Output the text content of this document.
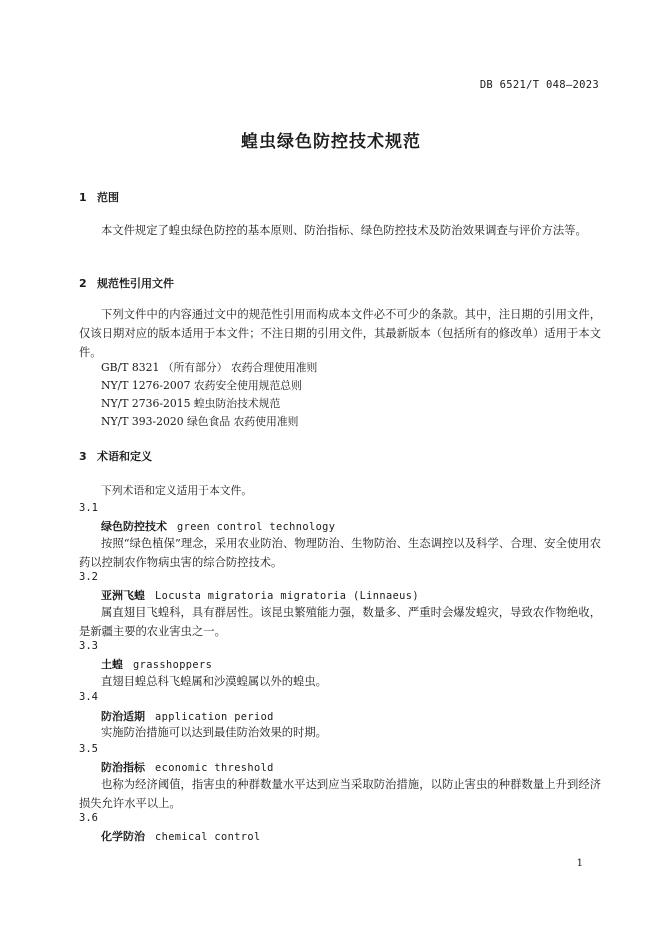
DB 6521/T 048—2023
蝗虫绿色防控技术规范
1 范围
本文件规定了蝗虫绿色防控的基本原则、防治指标、绿色防控技术及防治效果调查与评价方法等。
2 规范性引用文件
下列文件中的内容通过文中的规范性引用而构成本文件必不可少的条款。其中，注日期的引用文件，仅该日期对应的版本适用于本文件；不注日期的引用文件，其最新版本（包括所有的修改单）适用于本文件。
GB/T 8321 （所有部分） 农药合理使用准则
NY/T 1276-2007 农药安全使用规范总则
NY/T 2736-2015 蝗虫防治技术规范
NY/T 393-2020 绿色食品 农药使用准则
3 术语和定义
下列术语和定义适用于本文件。
3.1
绿色防控技术 green control technology
按照“绿色植保”理念，采用农业防治、物理防治、生物防治、生态调控以及科学、合理、安全使用农药以控制农作物病虫害的综合防控技术。
3.2
亚洲飞蝗 Locusta migratoria migratoria (Linnaeus)
属直翅目飞蝗科，具有群居性。该昆虫繁殖能力强，数量多、严重时会爆发蝗灾，导致农作物绝收，是新疆主要的农业害虫之一。
3.3
土蝗 grasshoppers
直翅目蝗总科飞蝗属和沙漠蝗属以外的蝗虫。
3.4
防治适期 application period
实施防治措施可以达到最佳防治效果的时期。
3.5
防治指标 economic threshold
也称为经济阈值，指害虫的种群数量水平达到应当采取防治措施，以防止害虫的种群数量上升到经济损失允许水平以上。
3.6
化学防治 chemical control
1
